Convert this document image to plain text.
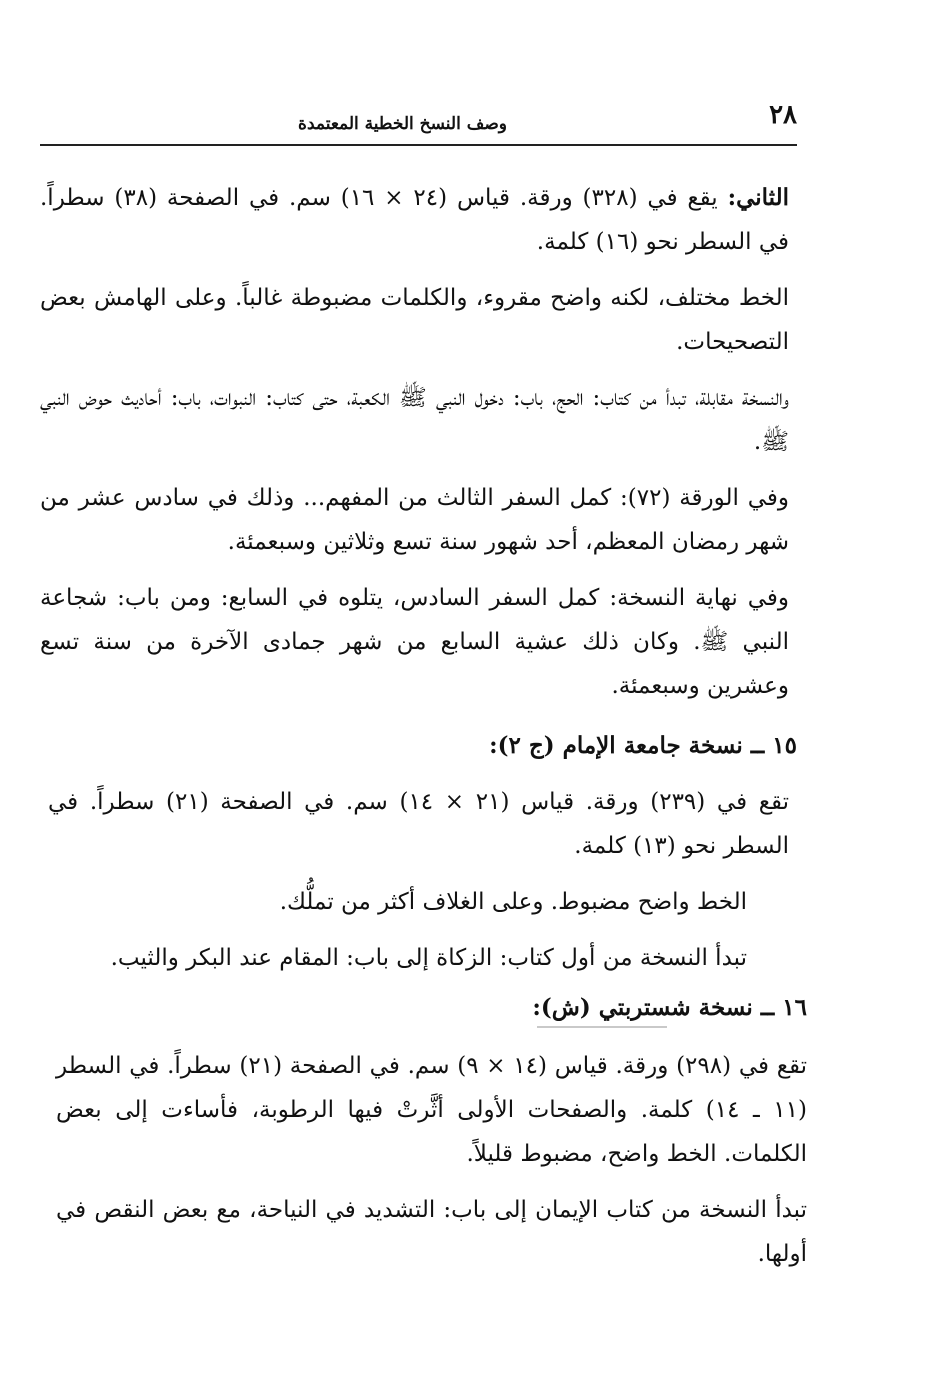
٢٨
وصف النسخ الخطية المعتمدة

الثاني: يقع في (٣٢٨) ورقة. قياس (٢٤ × ١٦) سم. في الصفحة (٣٨) سطراً. في السطر نحو (١٦) كلمة.

الخط مختلف، لكنه واضح مقروء، والكلمات مضبوطة غالباً. وعلى الهامش بعض التصحيحات.

والنسخة مقابلة، تبدأ من كتاب: الحج، باب: دخول النبي ﷺ الكعبة، حتى كتاب: النبوات، باب: أحاديث حوض النبي ﷺ.

وفي الورقة (٧٢): كمل السفر الثالث من المفهم... وذلك في سادس عشر من شهر رمضان المعظم، أحد شهور سنة تسع وثلاثين وسبعمئة.

وفي نهاية النسخة: كمل السفر السادس، يتلوه في السابع: ومن باب: شجاعة النبي ﷺ. وكان ذلك عشية السابع من شهر جمادى الآخرة من سنة تسع وعشرين وسبعمئة.

١٥ ــ نسخة جامعة الإمام (ج ٢):

تقع في (٢٣٩) ورقة. قياس (٢١ × ١٤) سم. في الصفحة (٢١) سطراً. في السطر نحو (١٣) كلمة.

الخط واضح مضبوط. وعلى الغلاف أكثر من تملُّك.

تبدأ النسخة من أول كتاب: الزكاة إلى باب: المقام عند البكر والثيب.

١٦ ــ نسخة شستربتي (ش):

تقع في (٢٩٨) ورقة. قياس (١٤ × ٩) سم. في الصفحة (٢١) سطراً. في السطر (١١ ـ ١٤) كلمة. والصفحات الأولى أثَّرتْ فيها الرطوبة، فأساءت إلى بعض الكلمات. الخط واضح، مضبوط قليلاً.

تبدأ النسخة من كتاب الإيمان إلى باب: التشديد في النياحة، مع بعض النقص في أولها.
